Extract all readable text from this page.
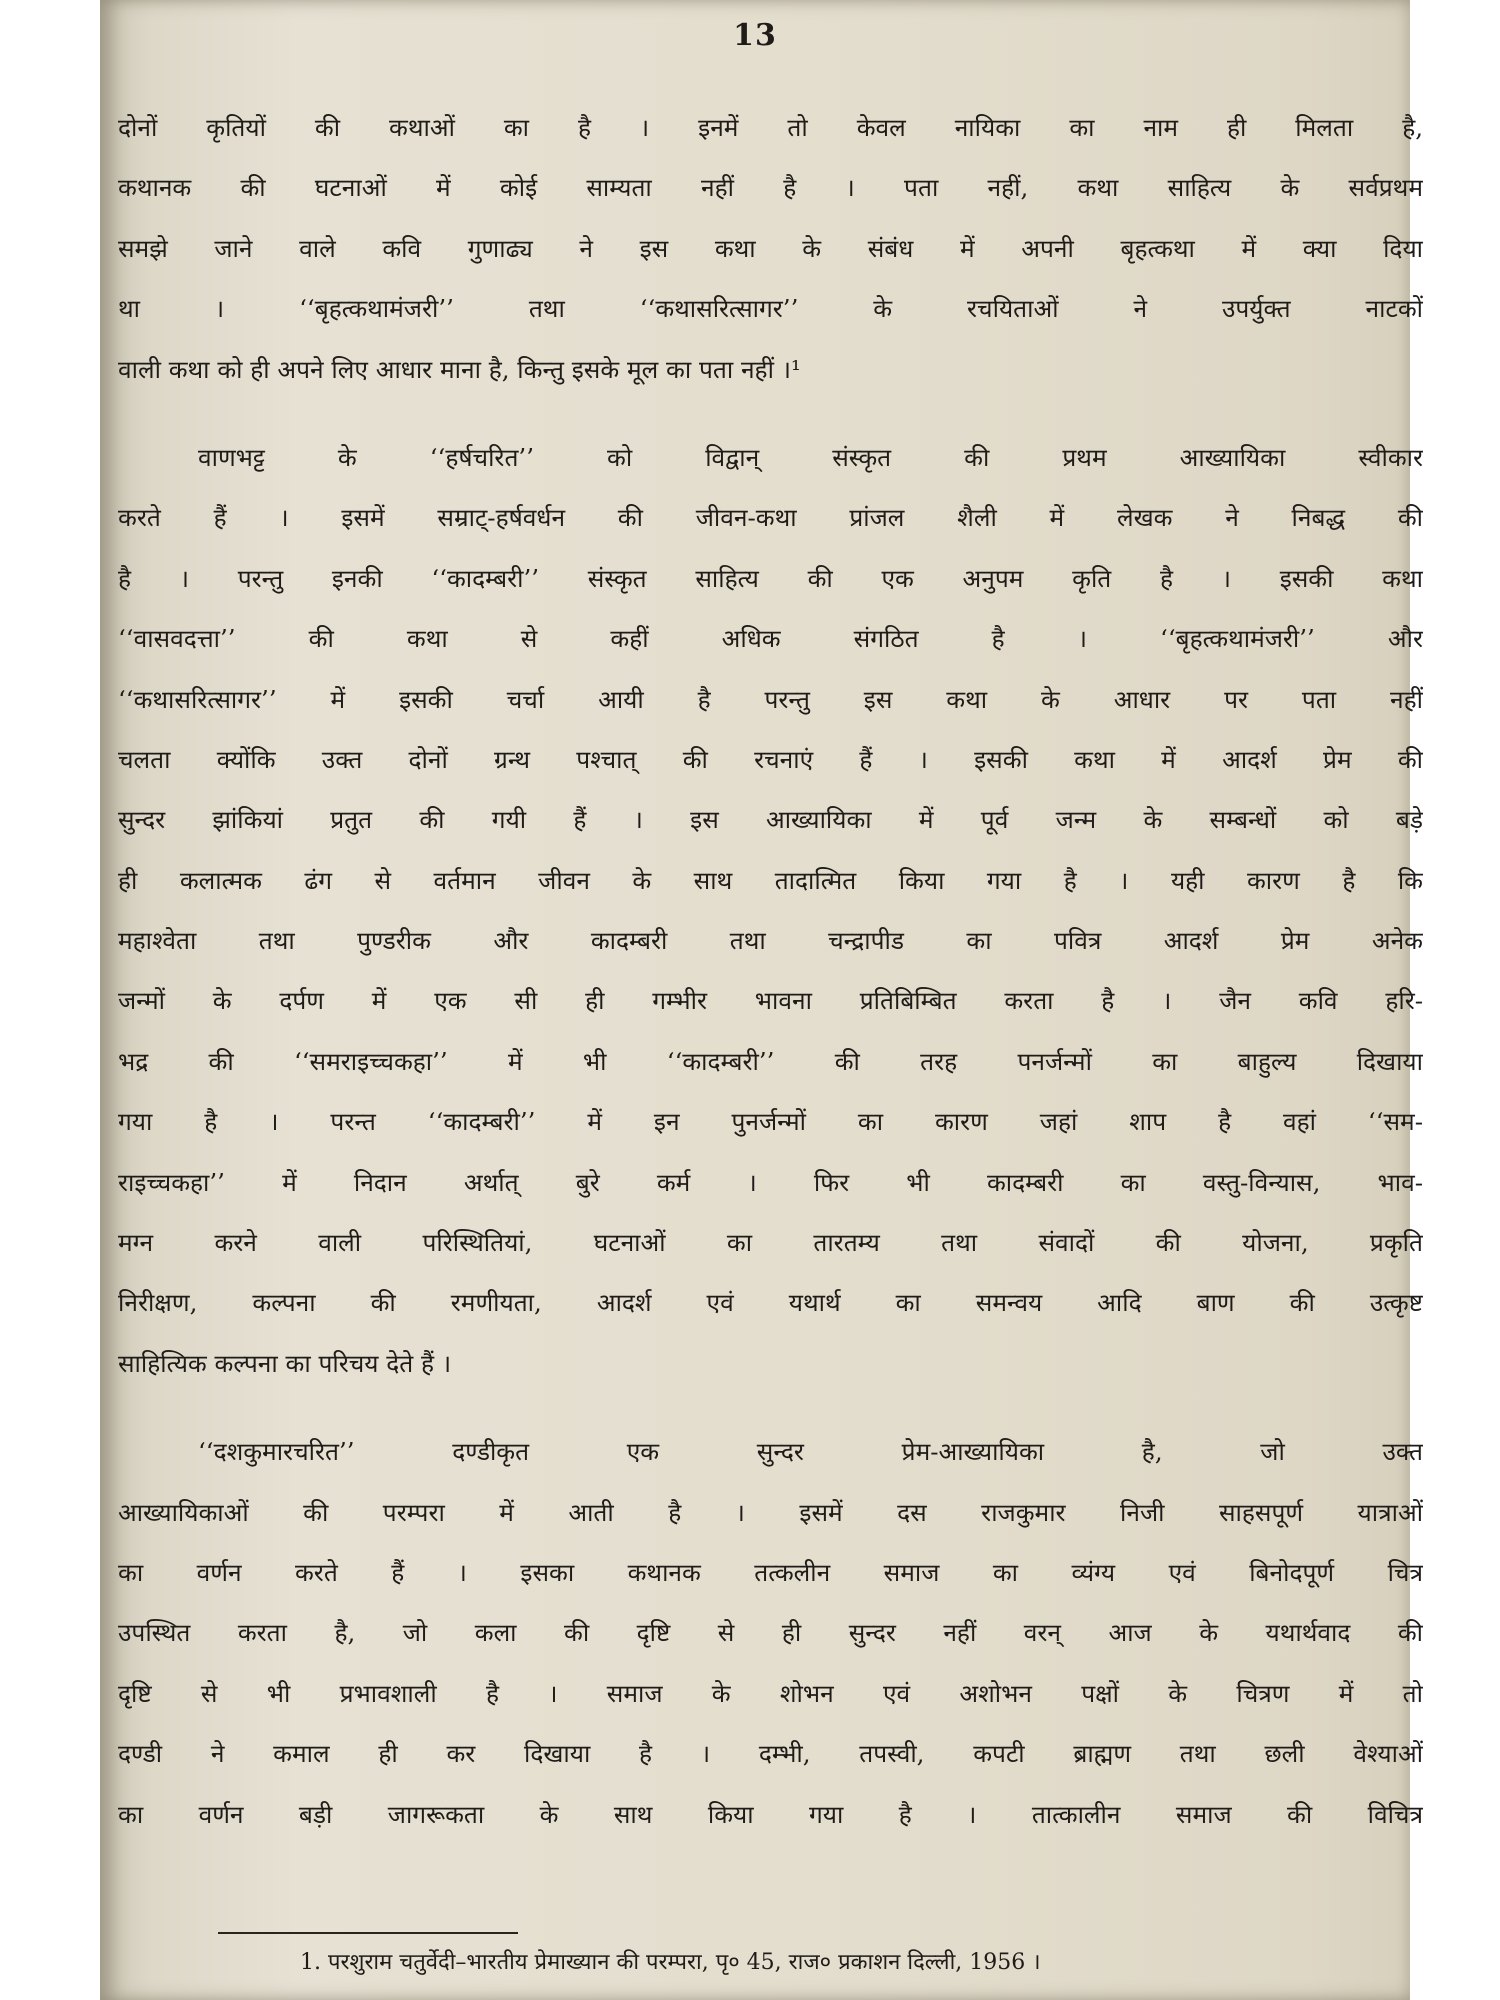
13
दोनों कृतियों की कथाओं का है । इनमें तो केवल नायिका का नाम ही मिलता है,
कथानक की घटनाओं में कोई साम्यता नहीं है । पता नहीं, कथा साहित्य के सर्वप्रथम
समझे जाने वाले कवि गुणाढ्य ने इस कथा के संबंध में अपनी बृहत्कथा में क्या दिया
था । ‘‘बृहत्कथामंजरी’’ तथा ‘‘कथासरित्सागर’’ के रचयिताओं ने उपर्युक्त नाटकों
वाली कथा को ही अपने लिए आधार माना है, किन्तु इसके मूल का पता नहीं ।¹
वाणभट्ट के ‘‘हर्षचरित’’ को विद्वान् संस्कृत की प्रथम आख्यायिका स्वीकार
करते हैं । इसमें सम्राट्-हर्षवर्धन की जीवन-कथा प्रांजल शैली में लेखक ने निबद्ध की
है । परन्तु इनकी ‘‘कादम्बरी’’ संस्कृत साहित्य की एक अनुपम कृति है । इसकी कथा
‘‘वासवदत्ता’’ की कथा से कहीं अधिक संगठित है । ‘‘बृहत्कथामंजरी’’ और
‘‘कथासरित्सागर’’ में इसकी चर्चा आयी है परन्तु इस कथा के आधार पर पता नहीं
चलता क्योंकि उक्त दोनों ग्रन्थ पश्चात् की रचनाएं हैं । इसकी कथा में आदर्श प्रेम की
सुन्दर झांकियां प्रतुत की गयी हैं । इस आख्यायिका में पूर्व जन्म के सम्बन्धों को बड़े
ही कलात्मक ढंग से वर्तमान जीवन के साथ तादात्मित किया गया है । यही कारण है कि
महाश्वेता तथा पुण्डरीक और कादम्बरी तथा चन्द्रापीड का पवित्र आदर्श प्रेम अनेक
जन्मों के दर्पण में एक सी ही गम्भीर भावना प्रतिबिम्बित करता है । जैन कवि हरि-
भद्र की ‘‘समराइच्चकहा’’ में भी ‘‘कादम्बरी’’ की तरह पनर्जन्मों का बाहुल्य दिखाया
गया है । परन्त ‘‘कादम्बरी’’ में इन पुनर्जन्मों का कारण जहां शाप है वहां ‘‘सम-
राइच्चकहा’’ में निदान अर्थात् बुरे कर्म । फिर भी कादम्बरी का वस्तु-विन्यास, भाव-
मग्न करने वाली परिस्थितियां, घटनाओं का तारतम्य तथा संवादों की योजना, प्रकृति
निरीक्षण, कल्पना की रमणीयता, आदर्श एवं यथार्थ का समन्वय आदि बाण की उत्कृष्ट
साहित्यिक कल्पना का परिचय देते हैं ।
‘‘दशकुमारचरित’’ दण्डीकृत एक सुन्दर प्रेम-आख्यायिका है, जो उक्त
आख्यायिकाओं की परम्परा में आती है । इसमें दस राजकुमार निजी साहसपूर्ण यात्राओं
का वर्णन करते हैं । इसका कथानक तत्कलीन समाज का व्यंग्य एवं बिनोदपूर्ण चित्र
उपस्थित करता है, जो कला की दृष्टि से ही सुन्दर नहीं वरन् आज के यथार्थवाद की
दृष्टि से भी प्रभावशाली है । समाज के शोभन एवं अशोभन पक्षों के चित्रण में तो
दण्डी ने कमाल ही कर दिखाया है । दम्भी, तपस्वी, कपटी ब्राह्मण तथा छली वेश्याओं
का वर्णन बड़ी जागरूकता के साथ किया गया है । तात्कालीन समाज की विचित्र
1. परशुराम चतुर्वेदी–भारतीय प्रेमाख्यान की परम्परा, पृ० 45, राज० प्रकाशन दिल्ली, 1956 ।
